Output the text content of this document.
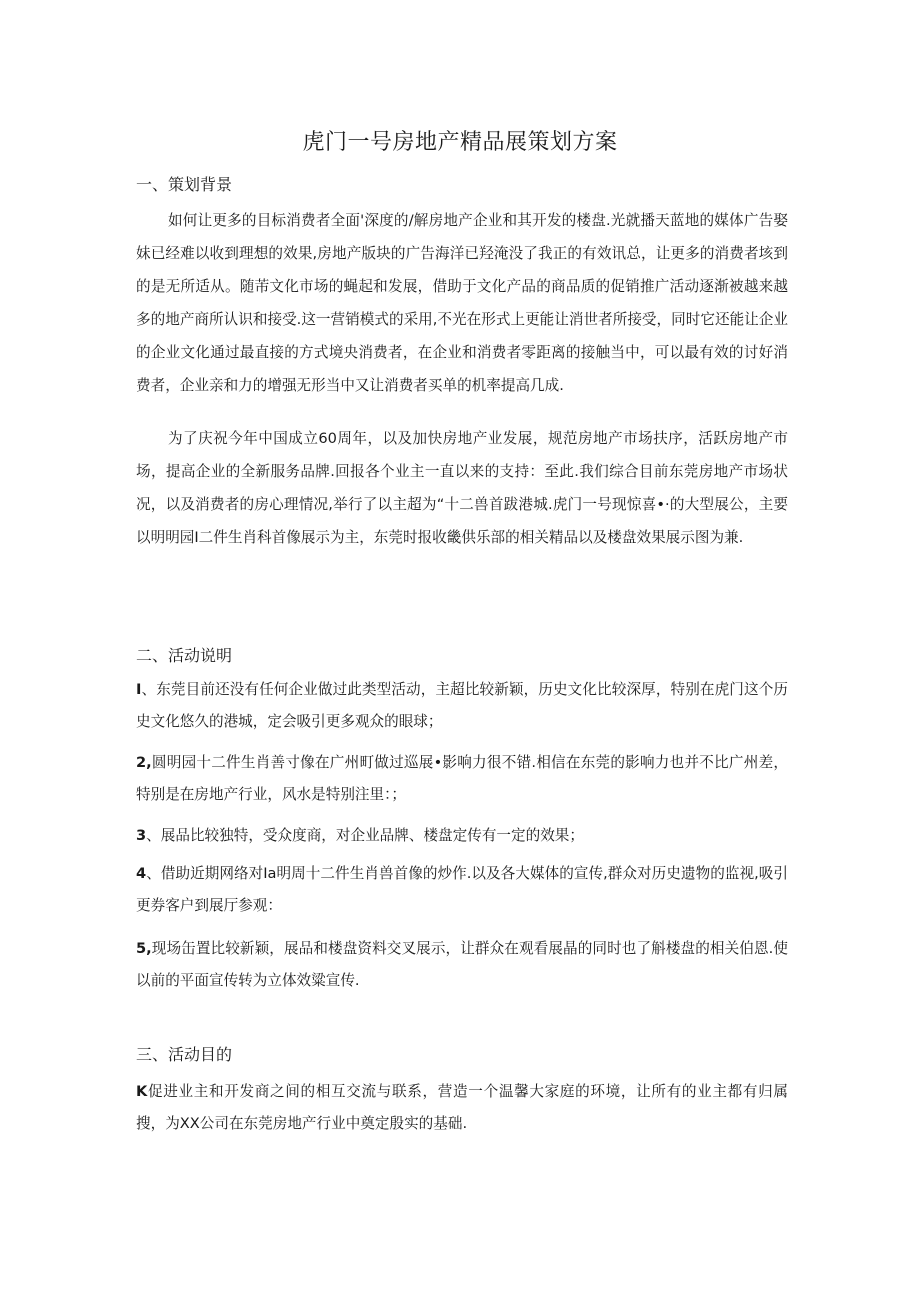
虎门一号房地产精品展策划方案
一、策划背景

如何让更多的目标消费者全面'深度的/解房地产企业和其开发的楼盘.光就播天蓝地的媒体广告娶妹已经难以收到理想的效果,房地产版块的广告海洋已羟淹没了我正的有效讯总，让更多的消费者垓到的是无所适从。随芾文化市场的蝇起和发展，借助于文化产品的商品质的促销推广活动逐渐被越来越多的地产商所认识和接受.这一营销模式的采用,不光在形式上更能让消世者所接受，同时它还能让企业的企业文化通过最直接的方式境央消费者，在企业和消费者零距离的接触当中，可以最有效的讨好消费者，企业亲和力的增强无形当中又让消费者买单的机率提高几成.

为了庆祝今年中国成立60周年，以及加快房地产业发展，规范房地产市场扶序，活跃房地产市场，提高企业的全新服务品牌.回报各个业主一直以来的支持：至此.我们综合目前东莞房地产市场状况，以及消费者的房心理情况,举行了以主超为“十二兽首跋港城.虎门一号现惊喜•·的大型展公，主要以明明园I二件生肖科首像展示为主，东莞时报收畿供乐部的相关精品以及楼盘效果展示图为兼.

二、活动说明

I、东莞目前还没有任何企业做过此类型活动，主超比较新颖，历史文化比较深厚，特别在虎门这个历史文化悠久的港城，定会吸引更多观众的眼球；

2,圆明园十二件生肖善寸像在广州町做过巡展•影响力很不错.相信在东莞的影响力也并不比广州差，特别是在房地产行业，风水是特别注里：；

3、展品比较独特，受众度商，对企业品牌、楼盘定传有一定的效果；

4、借助近期网络对Ia明周十二件生肖兽首像的炒作.以及各大媒体的宣传,群众对历史遗物的监视,吸引更券客户到展厅参观：

5,现场缶置比较新颖，展品和楼盘资料交叉展示，让群众在观看展晶的同时也了斛楼盘的相关伯恩.使以前的平面宣传转为立体效粱宣传.

三、活动目的

K促进业主和开发商之间的相互交流与联系，营造一个温馨大家庭的环境，让所有的业主都有归属搜，为XX公司在东莞房地产行业中奠定殷实的基础.
